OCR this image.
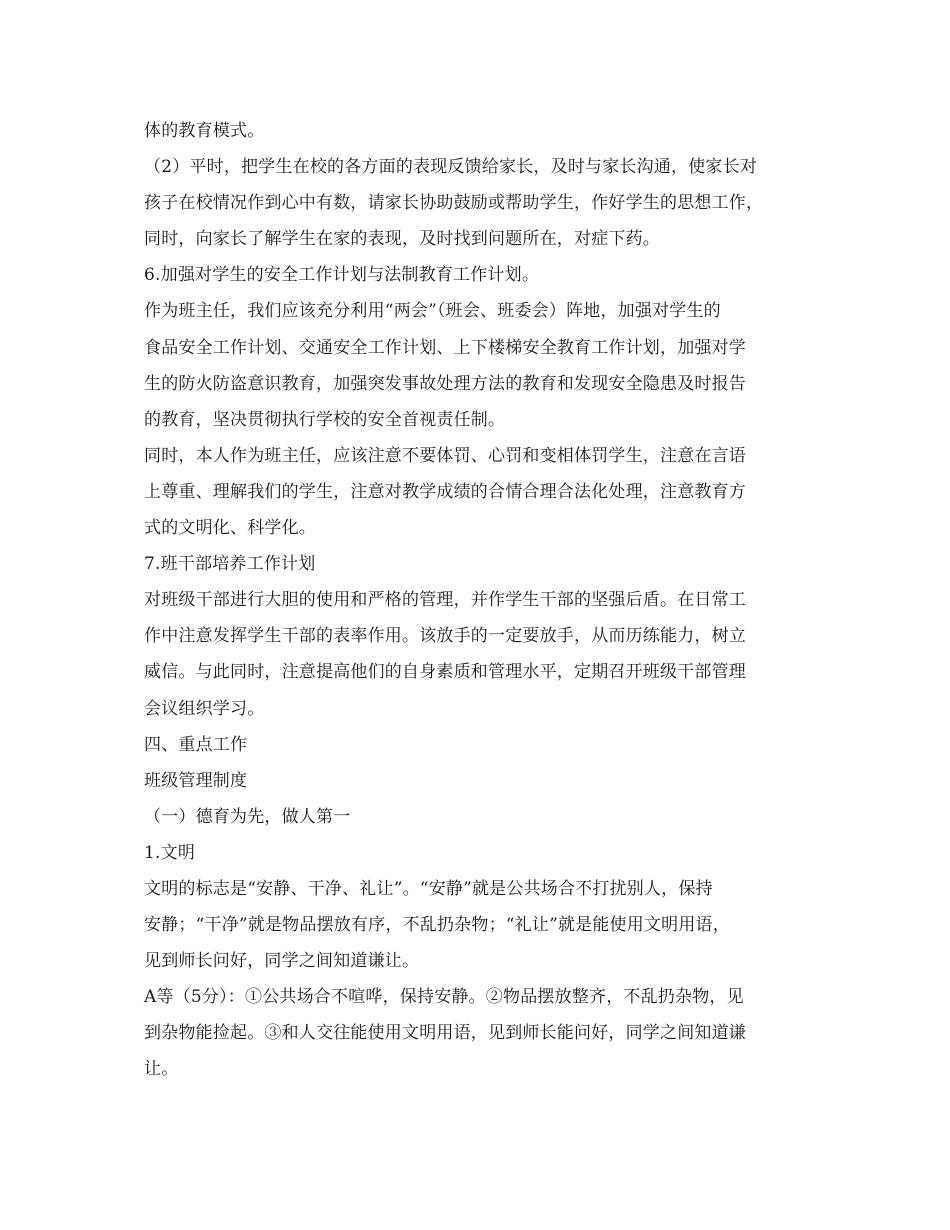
体的教育模式。
（2）平时，把学生在校的各方面的表现反馈给家长，及时与家长沟通，使家长对
孩子在校情况作到心中有数，请家长协助鼓励或帮助学生，作好学生的思想工作，
同时，向家长了解学生在家的表现，及时找到问题所在，对症下药。
6.加强对学生的安全工作计划与法制教育工作计划。
作为班主任，我们应该充分利用“两会”（班会、班委会）阵地，加强对学生的
食品安全工作计划、交通安全工作计划、上下楼梯安全教育工作计划，加强对学
生的防火防盗意识教育，加强突发事故处理方法的教育和发现安全隐患及时报告
的教育，坚决贯彻执行学校的安全首视责任制。
同时，本人作为班主任，应该注意不要体罚、心罚和变相体罚学生，注意在言语
上尊重、理解我们的学生，注意对教学成绩的合情合理合法化处理，注意教育方
式的文明化、科学化。
7.班干部培养工作计划
对班级干部进行大胆的使用和严格的管理，并作学生干部的坚强后盾。在日常工
作中注意发挥学生干部的表率作用。该放手的一定要放手，从而历练能力，树立
威信。与此同时，注意提高他们的自身素质和管理水平，定期召开班级干部管理
会议组织学习。
四、重点工作
班级管理制度
（一）德育为先，做人第一
1.文明
文明的标志是“安静、干净、礼让”。“安静”就是公共场合不打扰别人，保持
安静；“干净”就是物品摆放有序，不乱扔杂物；“礼让”就是能使用文明用语，
见到师长问好，同学之间知道谦让。
A等（5分）：①公共场合不喧哗，保持安静。②物品摆放整齐，不乱扔杂物，见
到杂物能捡起。③和人交往能使用文明用语，见到师长能问好，同学之间知道谦
让。
